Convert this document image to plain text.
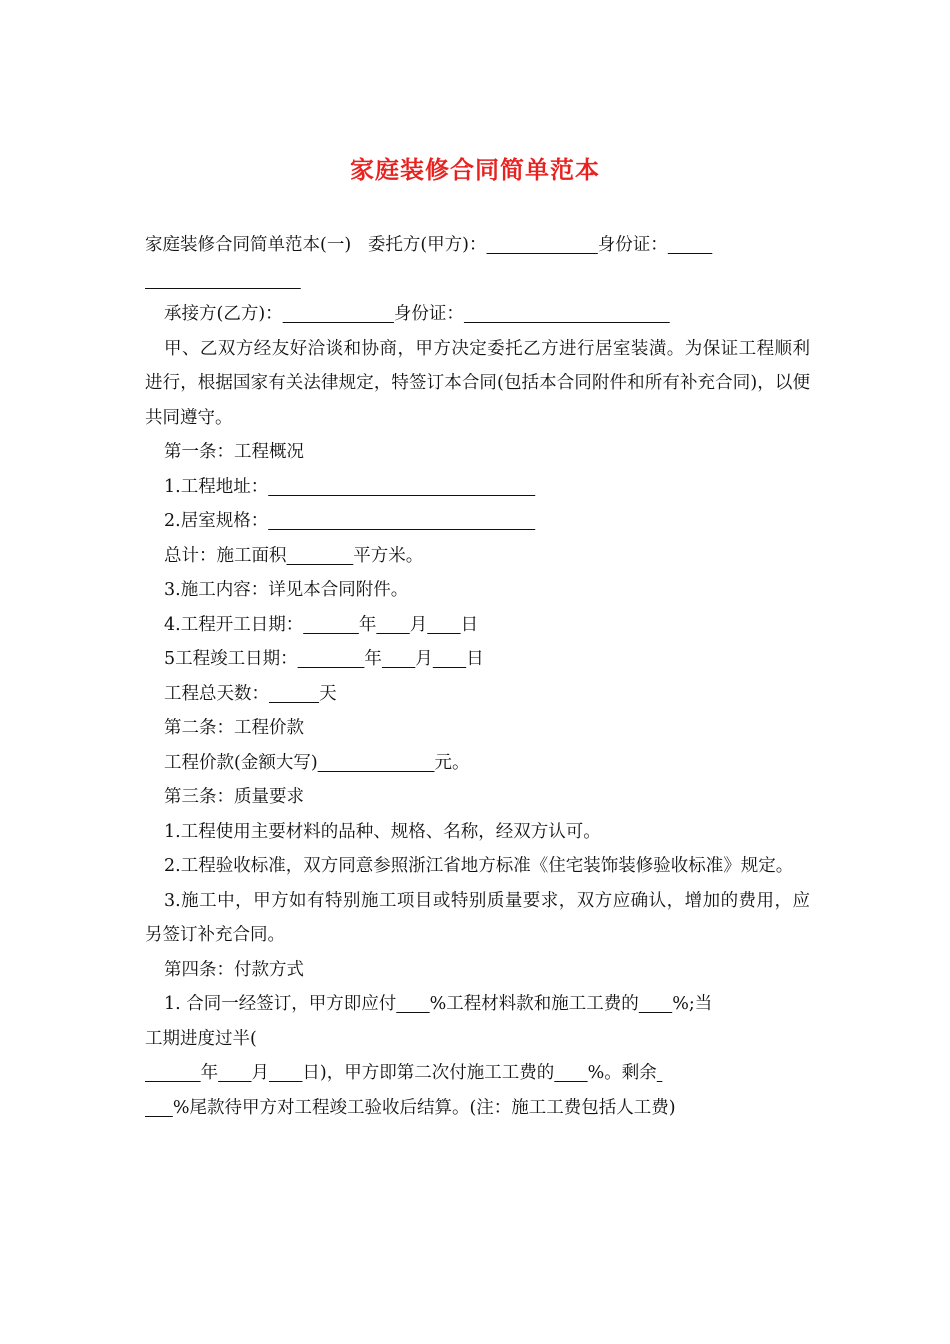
家庭装修合同简单范本

家庭装修合同简单范本(一) 委托方(甲方)：	身份证：

承接方(乙方)：	身份证：

甲、乙双方经友好洽谈和协商，甲方决定委托乙方进行居室装潢。为保证工程顺利进行，根据国家有关法律规定，特签订本合同(包括本合同附件和所有补充合同)，以便共同遵守。

第一条：工程概况

1.工程地址：

2.居室规格：

总计：施工面积	平方米。

3.施工内容：详见本合同附件。

4.工程开工日期：	年 月 日

5工程竣工日期：	年 月 日

工程总天数：	天

第二条：工程价款

工程价款(金额大写)	元。

第三条：质量要求

1.工程使用主要材料的品种、规格、名称，经双方认可。

2.工程验收标准，双方同意参照浙江省地方标准《住宅装饰装修验收标准》规定。

3.施工中，甲方如有特别施工项目或特别质量要求，双方应确认，增加的费用，应另签订补充合同。

第四条：付款方式

1. 合同一经签订，甲方即应付 %工程材料款和施工工费的 %;当

工期进度过半(

年 月 日)，甲方即第二次付施工工费的 %。剩余

%尾款待甲方对工程竣工验收后结算。(注：施工工费包括人工费)
